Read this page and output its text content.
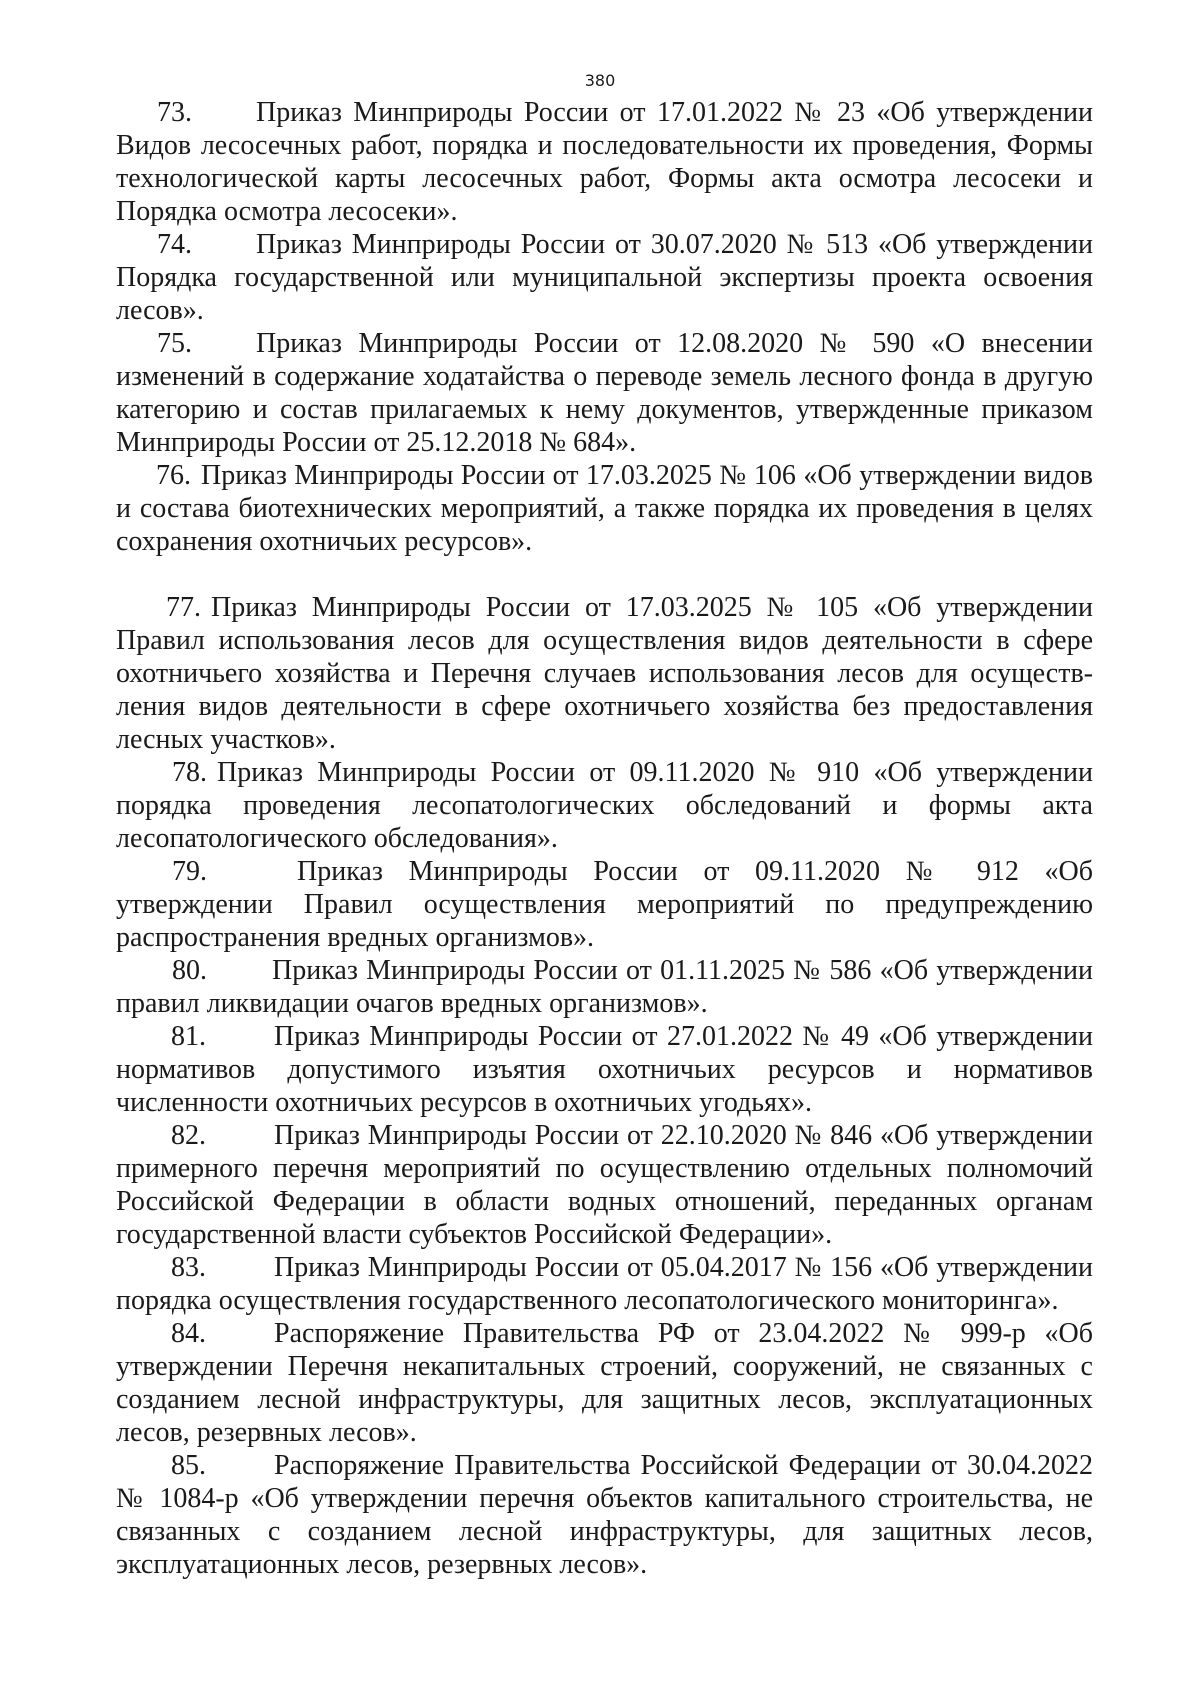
380

73. Приказ Минприроды России от 17.01.2022 № 23 «Об утверждении Видов лесосечных работ, порядка и последовательности их проведения, Формы технологической карты лесосечных работ, Формы акта осмотра лесосеки и Порядка осмотра лесосеки».

74. Приказ Минприроды России от 30.07.2020 № 513 «Об утверждении Порядка государственной или муниципальной экспертизы проекта освоения лесов».

75. Приказ Минприроды России от 12.08.2020 № 590 «О внесении изменений в содержание ходатайства о переводе земель лесного фонда в другую категорию и состав прилагаемых к нему документов, утвержденные приказом Минприроды России от 25.12.2018 № 684».

76. Приказ Минприроды России от 17.03.2025 № 106 «Об утверждении видов и состава биотехнических мероприятий, а также порядка их проведения в целях сохранения охотничьих ресурсов».

77. Приказ Минприроды России от 17.03.2025 № 105 «Об утверждении Правил использования лесов для осуществления видов деятельности в сфере охотничьего хозяйства и Перечня случаев использования лесов для осуществления видов деятельности в сфере охотничьего хозяйства без предоставления лесных участков».

78. Приказ Минприроды России от 09.11.2020 № 910 «Об утверждении порядка проведения лесопатологических обследований и формы акта лесопатологического обследования».

79.	Приказ Минприроды России от 09.11.2020 № 912 «Об утверждении Правил осуществления мероприятий по предупреждению распространения вредных организмов».

80. Приказ Минприроды России от 01.11.2025 № 586 «Об утверждении правил ликвидации очагов вредных организмов».

81. Приказ Минприроды России от 27.01.2022 № 49 «Об утверждении нормативов допустимого изъятия охотничьих ресурсов и нормативов численности охотничьих ресурсов в охотничьих угодьях».

82. Приказ Минприроды России от 22.10.2020 № 846 «Об утверждении примерного перечня мероприятий по осуществлению отдельных полномочий Российской Федерации в области водных отношений, переданных органам государственной власти субъектов Российской Федерации».

83. Приказ Минприроды России от 05.04.2017 № 156 «Об утверждении порядка осуществления государственного лесопатологического мониторинга».

84. Распоряжение Правительства РФ от 23.04.2022 № 999-р «Об утверждении Перечня некапитальных строений, сооружений, не связанных с созданием лесной инфраструктуры, для защитных лесов, эксплуатационных лесов, резервных лесов».

85. Распоряжение Правительства Российской Федерации от 30.04.2022 № 1084-р «Об утверждении перечня объектов капитального строительства, не связанных с созданием лесной инфраструктуры, для защитных лесов, эксплуатационных лесов, резервных лесов».
